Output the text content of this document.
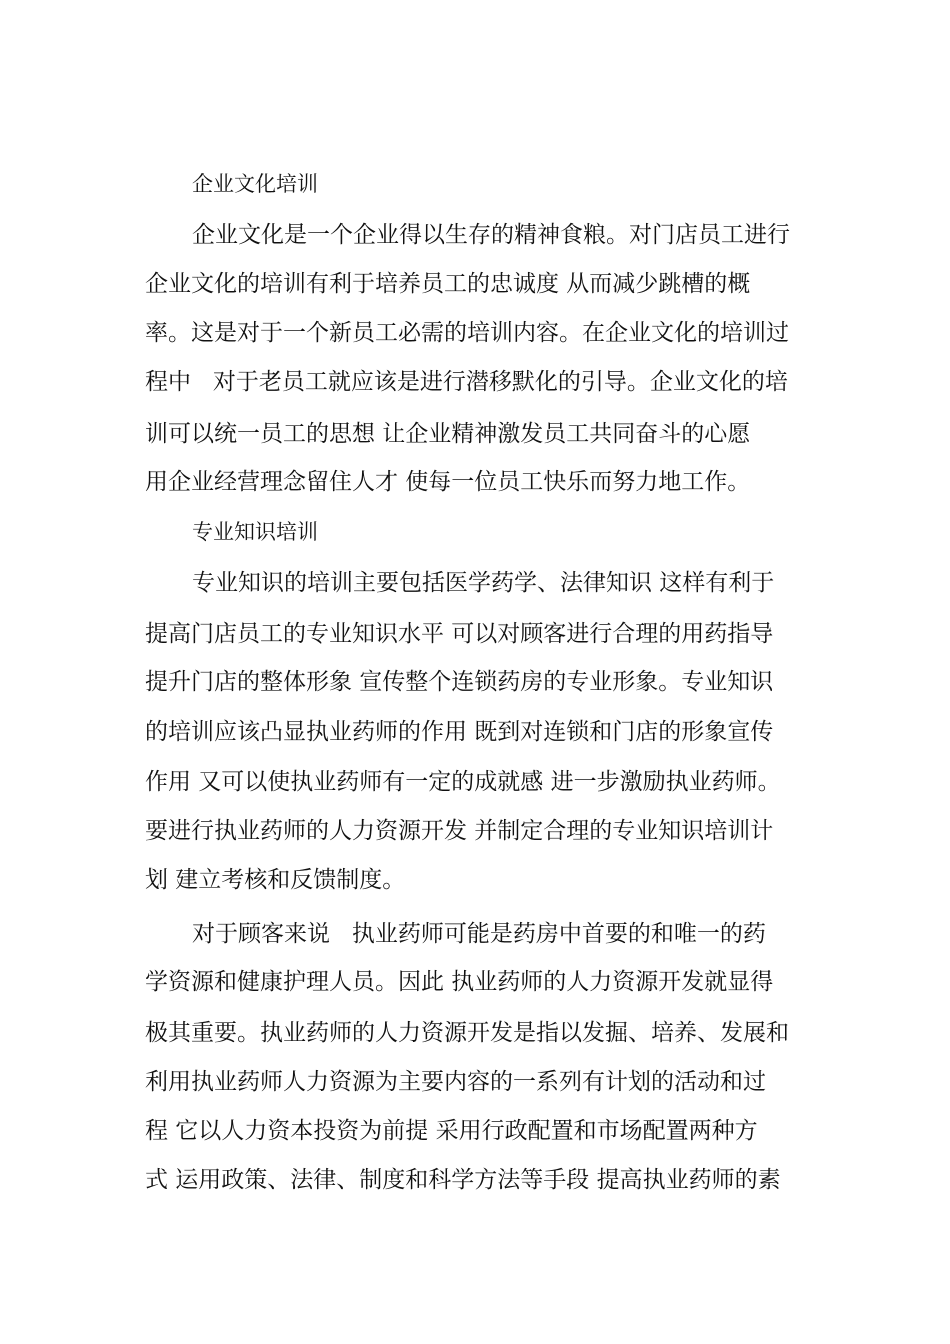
企业文化培训
企业文化是一个企业得以生存的精神食粮。对门店员工进行
企业文化的培训有利于培养员工的忠诚度 从而减少跳槽的概
率。这是对于一个新员工必需的培训内容。在企业文化的培训过
程中   对于老员工就应该是进行潜移默化的引导。企业文化的培
训可以统一员工的思想 让企业精神激发员工共同奋斗的心愿
用企业经营理念留住人才 使每一位员工快乐而努力地工作。
专业知识培训
专业知识的培训主要包括医学药学、法律知识 这样有利于
提高门店员工的专业知识水平 可以对顾客进行合理的用药指导
提升门店的整体形象 宣传整个连锁药房的专业形象。专业知识
的培训应该凸显执业药师的作用 既到对连锁和门店的形象宣传
作用 又可以使执业药师有一定的成就感 进一步激励执业药师。
要进行执业药师的人力资源开发 并制定合理的专业知识培训计
划 建立考核和反馈制度。
对于顾客来说   执业药师可能是药房中首要的和唯一的药
学资源和健康护理人员。因此 执业药师的人力资源开发就显得
极其重要。执业药师的人力资源开发是指以发掘、培养、发展和
利用执业药师人力资源为主要内容的一系列有计划的活动和过
程 它以人力资本投资为前提 采用行政配置和市场配置两种方
式 运用政策、法律、制度和科学方法等手段 提高执业药师的素
